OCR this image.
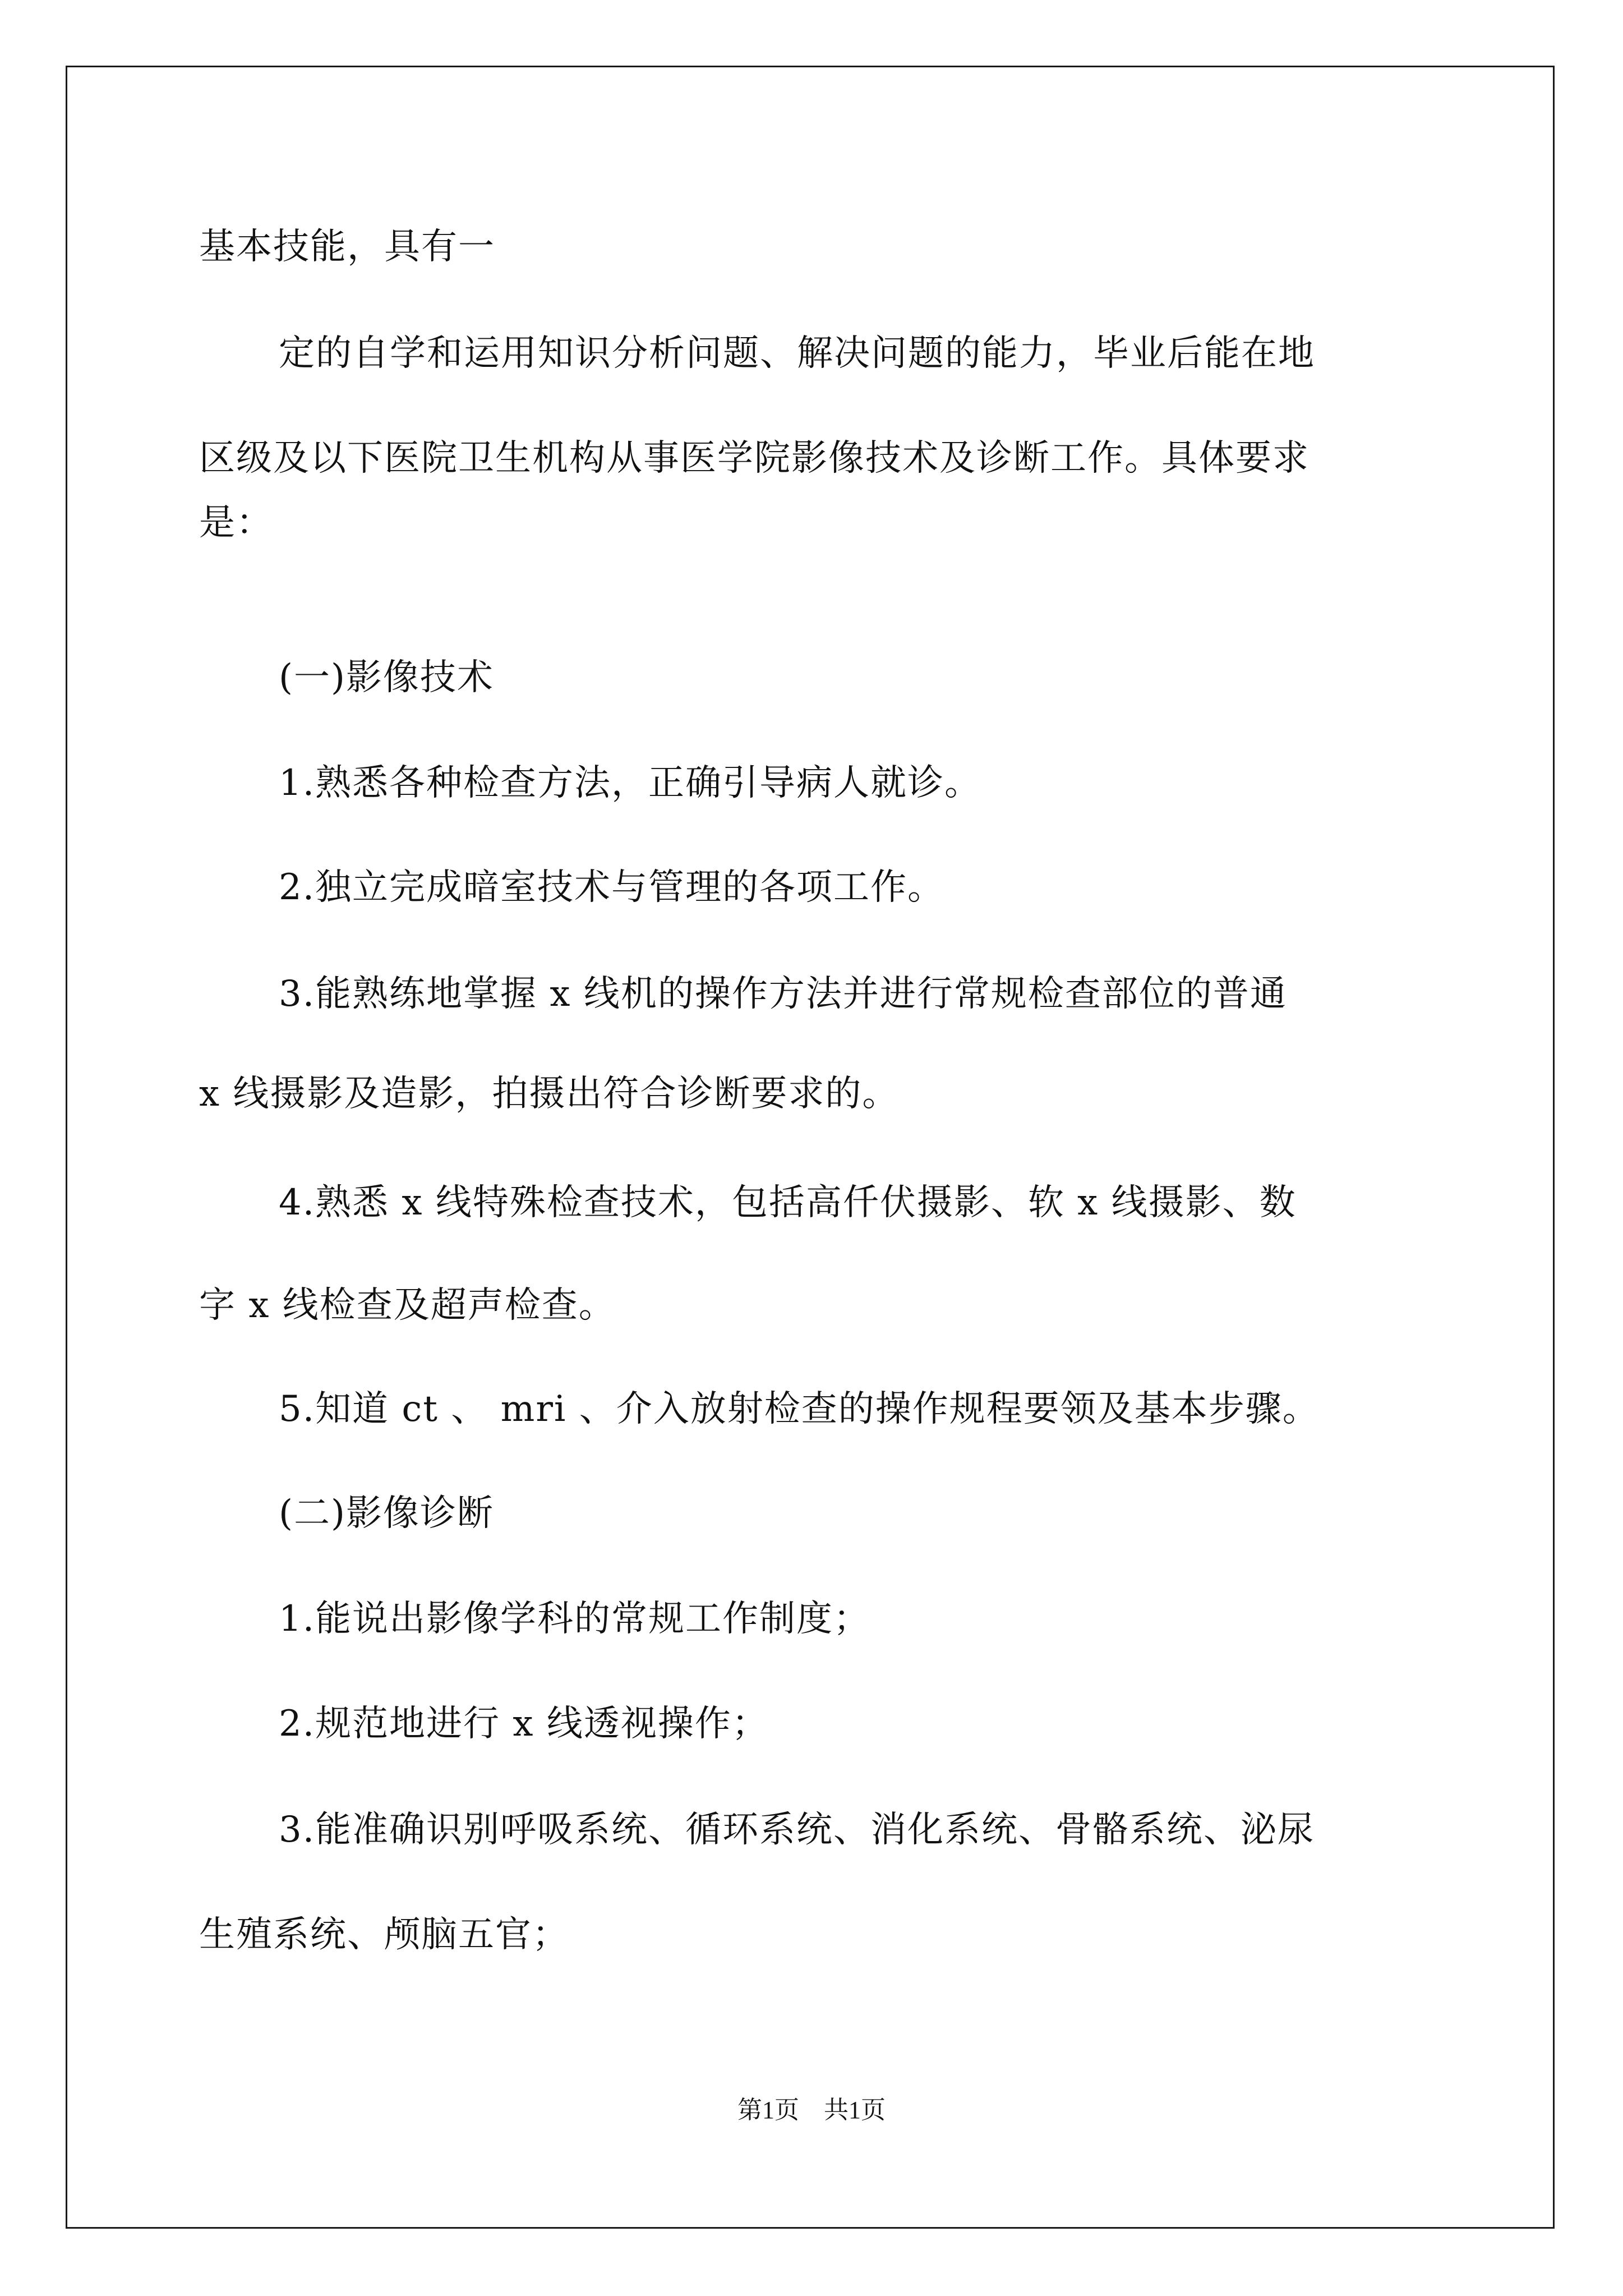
基本技能，具有一
定的自学和运用知识分析问题、解决问题的能力，毕业后能在地
区级及以下医院卫生机构从事医学院影像技术及诊断工作。具体要求
是：
(一)影像技术
1.熟悉各种检查方法，正确引导病人就诊。
2.独立完成暗室技术与管理的各项工作。
3.能熟练地掌握 x 线机的操作方法并进行常规检查部位的普通
x 线摄影及造影，拍摄出符合诊断要求的。
4.熟悉 x 线特殊检查技术，包括高仟伏摄影、软 x 线摄影、数
字 x 线检查及超声检查。
5.知道 ct 、 mri 、介入放射检查的操作规程要领及基本步骤。
(二)影像诊断
1.能说出影像学科的常规工作制度；
2.规范地进行 x 线透视操作；
3.能准确识别呼吸系统、循环系统、消化系统、骨骼系统、泌尿
生殖系统、颅脑五官；
第1页　共1页
